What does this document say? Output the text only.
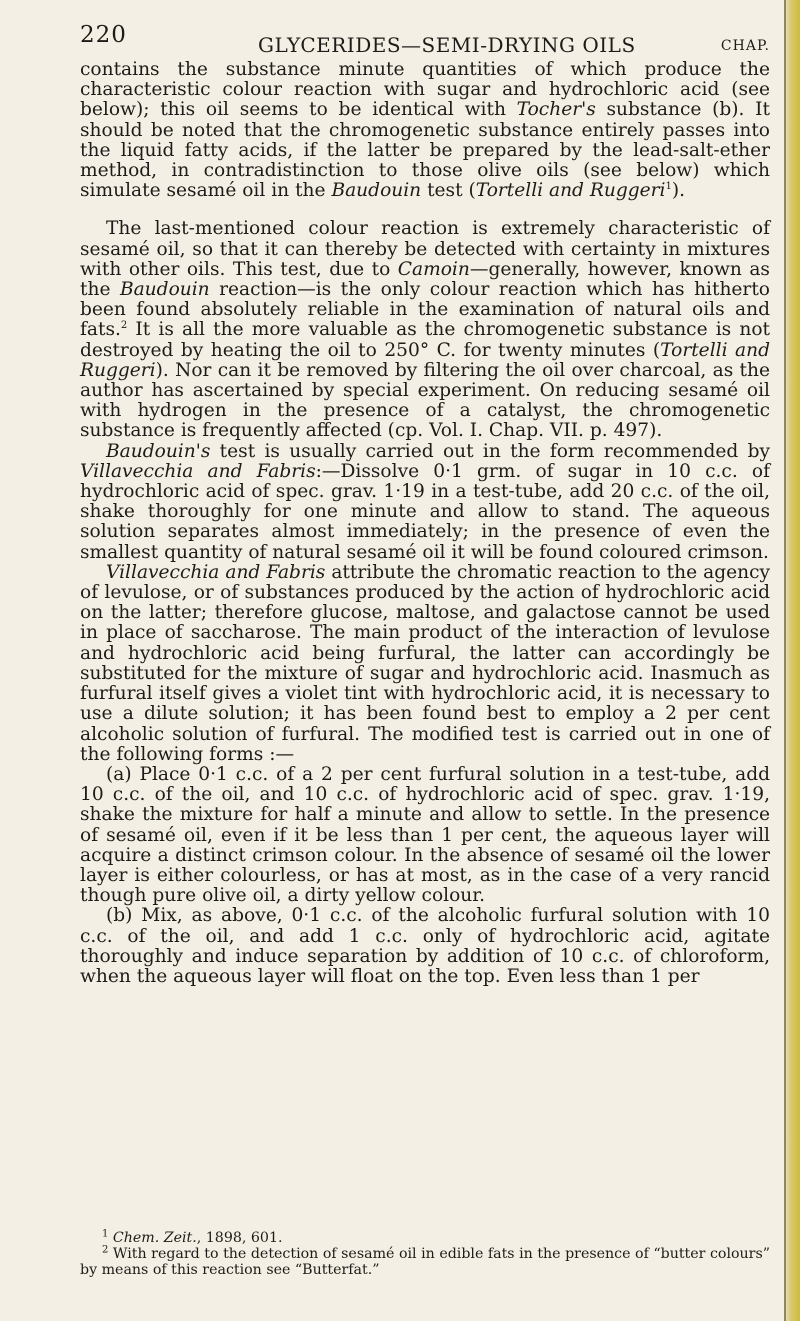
220	GLYCERIDES—SEMI-DRYING OILS	CHAP.

contains the substance minute quantities of which produce the characteristic colour reaction with sugar and hydrochloric acid (see below); this oil seems to be identical with Tocher's substance (b). It should be noted that the chromogenetic substance entirely passes into the liquid fatty acids, if the latter be prepared by the lead-salt-ether method, in contradistinction to those olive oils (see below) which simulate sesamé oil in the Baudouin test (Tortelli and Ruggeri$^1$).

The last-mentioned colour reaction is extremely characteristic of sesamé oil, so that it can thereby be detected with certainty in mixtures with other oils. This test, due to Camoin—generally, however, known as the Baudouin reaction—is the only colour reaction which has hitherto been found absolutely reliable in the examination of natural oils and fats.$^2$ It is all the more valuable as the chromogenetic substance is not destroyed by heating the oil to 250° C. for twenty minutes (Tortelli and Ruggeri). Nor can it be removed by filtering the oil over charcoal, as the author has ascertained by special experiment. On reducing sesamé oil with hydrogen in the presence of a catalyst, the chromogenetic substance is frequently affected (cp. Vol. I. Chap. VII. p. 497).

Baudouin's test is usually carried out in the form recommended by Villavecchia and Fabris:—Dissolve 0·1 grm. of sugar in 10 c.c. of hydrochloric acid of spec. grav. 1·19 in a test-tube, add 20 c.c. of the oil, shake thoroughly for one minute and allow to stand. The aqueous solution separates almost immediately; in the presence of even the smallest quantity of natural sesamé oil it will be found coloured crimson.

Villavecchia and Fabris attribute the chromatic reaction to the agency of levulose, or of substances produced by the action of hydrochloric acid on the latter; therefore glucose, maltose, and galactose cannot be used in place of saccharose. The main product of the interaction of levulose and hydrochloric acid being furfural, the latter can accordingly be substituted for the mixture of sugar and hydrochloric acid. Inasmuch as furfural itself gives a violet tint with hydrochloric acid, it is necessary to use a dilute solution; it has been found best to employ a 2 per cent alcoholic solution of furfural. The modified test is carried out in one of the following forms :—

(a) Place 0·1 c.c. of a 2 per cent furfural solution in a test-tube, add 10 c.c. of the oil, and 10 c.c. of hydrochloric acid of spec. grav. 1·19, shake the mixture for half a minute and allow to settle. In the presence of sesamé oil, even if it be less than 1 per cent, the aqueous layer will acquire a distinct crimson colour. In the absence of sesamé oil the lower layer is either colourless, or has at most, as in the case of a very rancid though pure olive oil, a dirty yellow colour.

(b) Mix, as above, 0·1 c.c. of the alcoholic furfural solution with 10 c.c. of the oil, and add 1 c.c. only of hydrochloric acid, agitate thoroughly and induce separation by addition of 10 c.c. of chloroform, when the aqueous layer will float on the top. Even less than 1 per

$^1$ Chem. Zeit., 1898, 601.

$^2$ With regard to the detection of sesamé oil in edible fats in the presence of “butter colours” by means of this reaction see “Butterfat.”
